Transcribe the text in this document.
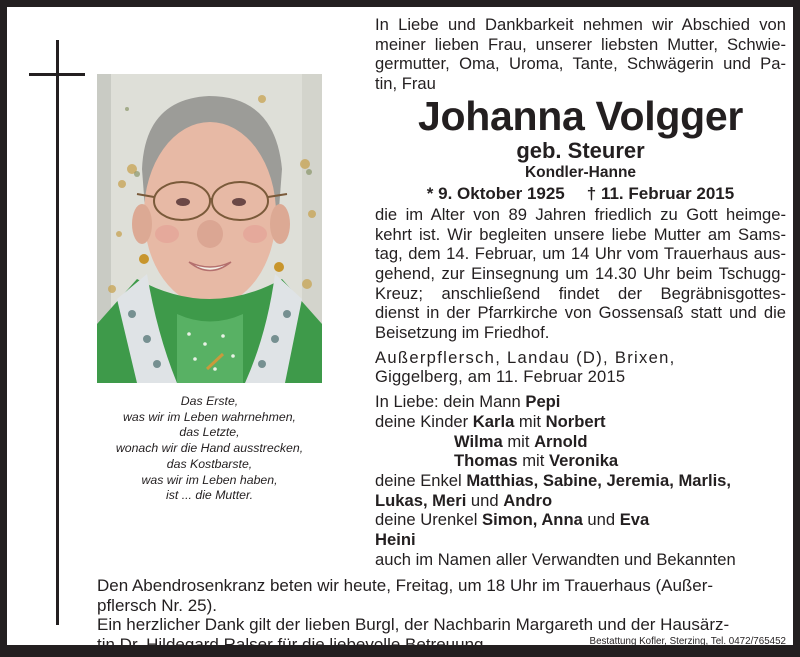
Das Erste,
was wir im Leben wahrnehmen,
das Letzte,
wonach wir die Hand ausstrecken,
das Kostbarste,
was wir im Leben haben,
ist ... die Mutter.
In Liebe und Dankbarkeit nehmen wir Abschied von
meiner lieben Frau, unserer liebsten Mutter, Schwie-
germutter, Oma, Uroma, Tante, Schwägerin und Pa-
tin, Frau
Johanna Volgger
geb. Steurer
Kondler-Hanne
* 9. Oktober 1925 † 11. Februar 2015
die im Alter von 89 Jahren friedlich zu Gott heimge-
kehrt ist. Wir begleiten unsere liebe Mutter am Sams-
tag, dem 14. Februar, um 14 Uhr vom Trauerhaus aus-
gehend, zur Einsegnung um 14.30 Uhr beim Tschugg-
Kreuz; anschließend findet der Begräbnisgottes-
dienst in der Pfarrkirche von Gossensaß statt und die
Beisetzung im Friedhof.
Außerpflersch, Landau (D), Brixen,
Giggelberg, am 11. Februar 2015
In Liebe: dein Mann Pepi
deine Kinder Karla mit Norbert
Wilma mit Arnold
Thomas mit Veronika
deine Enkel Matthias, Sabine, Jeremia, Marlis,
Lukas, Meri und Andro
deine Urenkel Simon, Anna und Eva
Heini
auch im Namen aller Verwandten und Bekannten
Den Abendrosenkranz beten wir heute, Freitag, um 18 Uhr im Trauerhaus (Außer-
pflersch Nr. 25).
Ein herzlicher Dank gilt der lieben Burgl, der Nachbarin Margareth und der Hausärz-
tin Dr. Hildegard Ralser für die liebevolle Betreuung.	Bestattung Kofler, Sterzing, Tel. 0472/765452
